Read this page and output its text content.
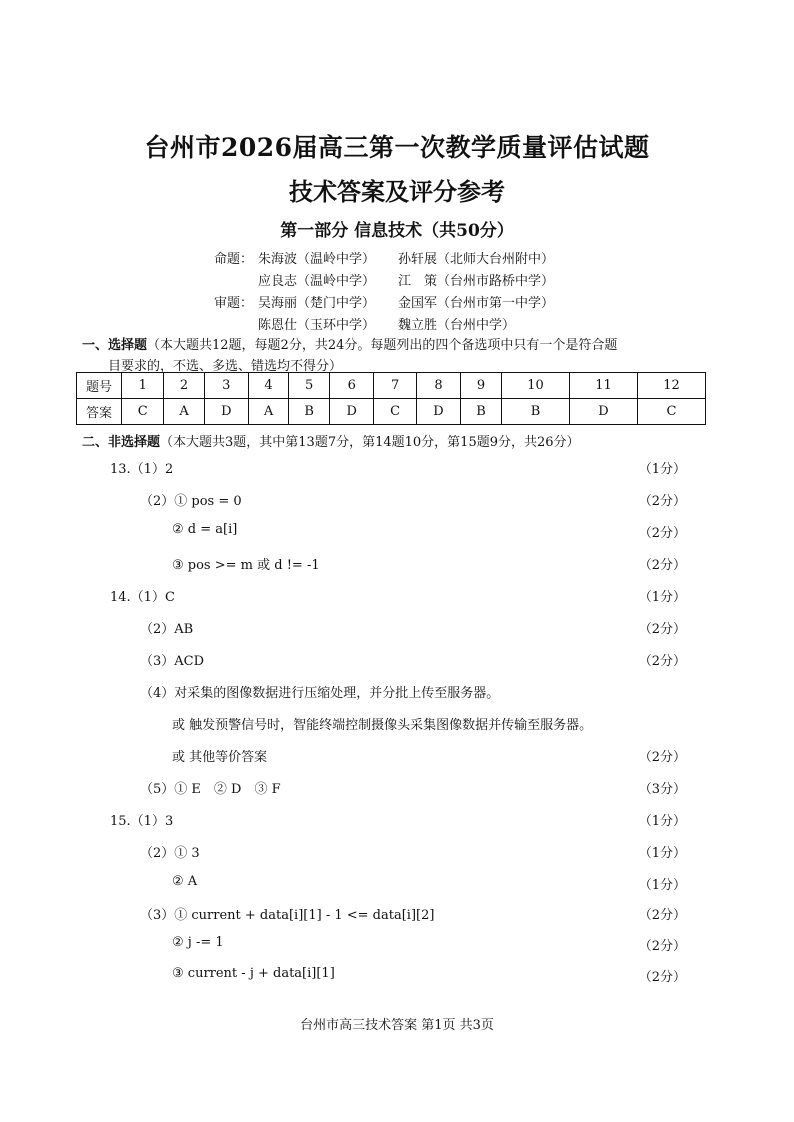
台州市2026届高三第一次教学质量评估试题
技术答案及评分参考
第一部分 信息技术（共50分）
命题： 朱海波（温岭中学） 孙轩展（北师大台州附中）
应良志（温岭中学） 江　策（台州市路桥中学）
审题： 吴海丽（楚门中学） 金国军（台州市第一中学）
陈恩仕（玉环中学） 魏立胜（台州中学）
一、选择题（本大题共12题，每题2分，共24分。每题列出的四个备选项中只有一个是符合题
目要求的，不选、多选、错选均不得分）
题号	1	2	3	4	5	6	7	8	9	10	11	12
答案	C	A	D	A	B	D	C	D	B	B	D	C
二、非选择题（本大题共3题，其中第13题7分，第14题10分，第15题9分，共26分）
13.（1）2	（1分）
（2）① pos = 0	（2分）
② d = a[i]	（2分）
③ pos >= m 或 d != -1	（2分）
14.（1）C	（1分）
（2）AB	（2分）
（3）ACD	（2分）
（4）对采集的图像数据进行压缩处理，并分批上传至服务器。
或 触发预警信号时，智能终端控制摄像头采集图像数据并传输至服务器。
或 其他等价答案	（2分）
（5）① E　② D　③ F	（3分）
15.（1）3	（1分）
（2）① 3	（1分）
② A	（1分）
（3）① current + data[i][1] - 1 <= data[i][2]	（2分）
② j -= 1	（2分）
③ current - j + data[i][1]	（2分）
台州市高三技术答案 第1页 共3页
